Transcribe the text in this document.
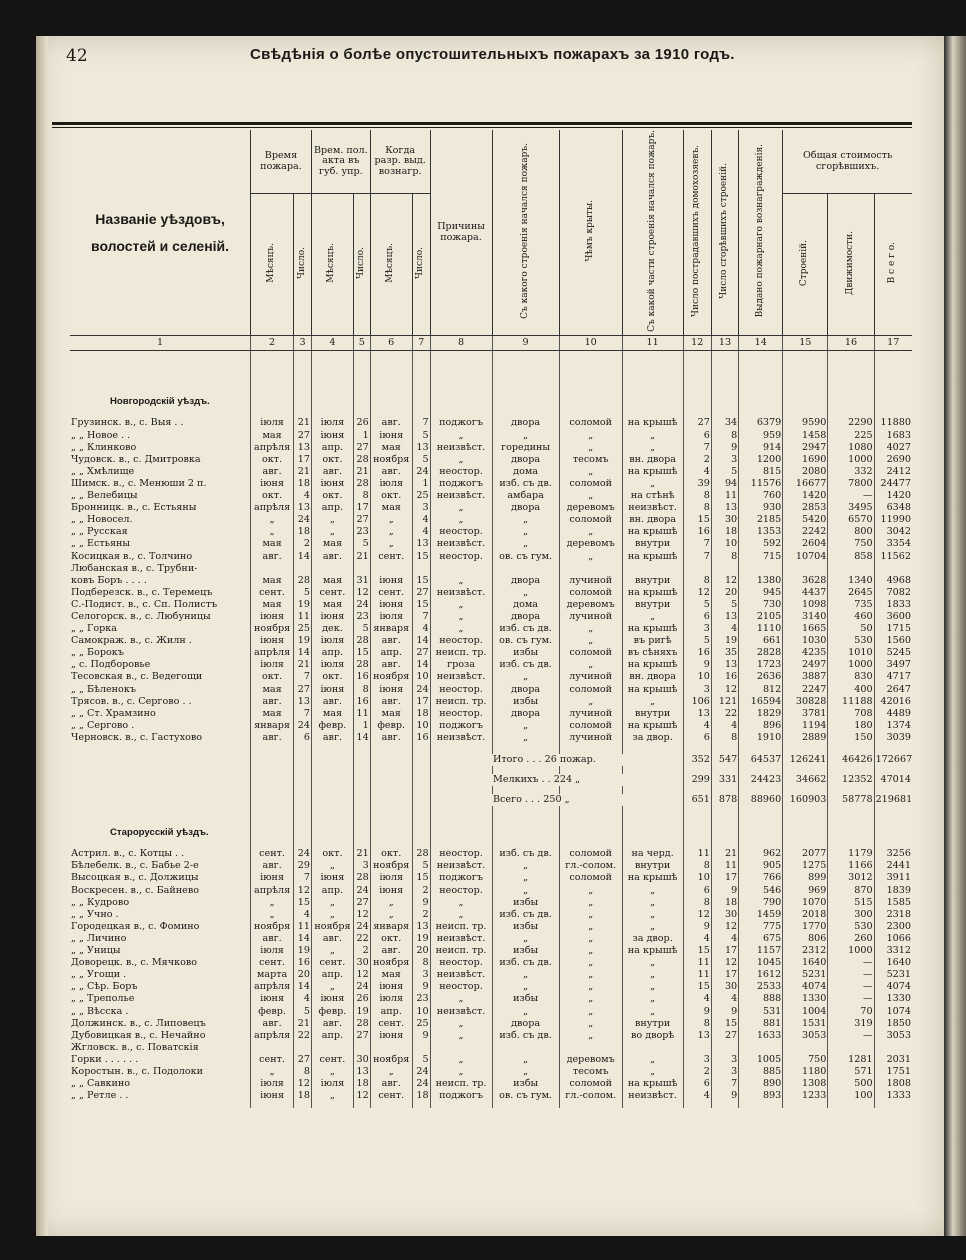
42	Свѣдѣнія о болѣе опустошительныхъ пожарахъ за 1910 годъ.
Названіе уѣздовъ,
волостей и селеній.	Время пожара.		Врем. пол. акта въ губ. упр.		Когда разр. выд. вознагр.		Причины пожара.	Съ какого строенія начался пожаръ.	Чѣмъ крыты.	Съ какой части строенія начался пожаръ.	Число пострадавшихъ домохозяевъ.	Число сгорѣвшихъ строеній.	Выдано пожарнаго вознагражденія.	Общая стоимость сгорѣвшихъ.		
	Мѣсяцъ.	Число.	Мѣсяцъ.	Число.	Мѣсяцъ.	Число.								Строеній.	Движимости.	В с е г о.
1	2	3	4	5	6	7	8	9	10	11	12	13	14	15	16	17

Новгородскій уѣздъ.																

Грузинск. в., с. Выя . .	іюля	21	іюля	26	авг.	7	поджогъ	двора	соломой	на крышѣ	27	34	6379	9590	2290	11880
„ „ Новое . .	мая	27	іюня	1	іюня	5	„	„	„	„	6	8	959	1458	225	1683
„ „ Клинково	апрѣля	13	апр.	27	мая	13	неизвѣст.	горедины	„	„	7	9	914	2947	1080	4027
Чудовск. в., с. Дмитровка	окт.	17	окт.	28	ноября	5	„	двора	тесомъ	вн. двора	2	3	1200	1690	1000	2690
„ „ Хмѣлище	авг.	21	авг.	21	авг.	24	неостор.	дома	„	на крышѣ	4	5	815	2080	332	2412
Шимск. в., с. Менюши 2 п.	іюня	18	іюня	28	іюля	1	поджогъ	изб. съ дв.	соломой	„	39	94	11576	16677	7800	24477
„ „ Велебицы	окт.	4	окт.	8	окт.	25	неизвѣст.	амбара	„	на стѣнѣ	8	11	760	1420	—	1420
Бронницк. в., с. Естьяны	апрѣля	13	апр.	17	мая	3	„	двора	деревомъ	неизвѣст.	8	13	930	2853	3495	6348
„ „ Новосел.	„	24	„	27	„	4	„	„	соломой	вн. двора	15	30	2185	5420	6570	11990
„ „ Русская	„	18	„	23	„	4	неостор.	„	„	на крышѣ	16	18	1353	2242	800	3042
„ „ Естьяны	мая	2	мая	5	„	13	неизвѣст.	„	деревомъ	внутри	7	10	592	2604	750	3354
Косицкая в., с. Толчино	авг.	14	авг.	21	сент.	15	неостор.	ов. съ гум.	„	на крышѣ	7	8	715	10704	858	11562
Любанская в., с. Трубни-																
ковъ Боръ . . . .	мая	28	мая	31	іюня	15	„	двора	лучиной	внутри	8	12	1380	3628	1340	4968
Подберезск. в., с. Теремецъ	сент.	5	сент.	12	сент.	27	неизвѣст.	„	соломой	на крышѣ	12	20	945	4437	2645	7082
С.-Подист. в., с. Сп. Полистъ	мая	19	мая	24	іюня	15	„	дома	деревомъ	внутри	5	5	730	1098	735	1833
Селогорск. в., с. Любуницы	іюня	11	іюня	23	іюля	7	„	двора	лучиной	„	6	13	2105	3140	460	3600
„ „ Горка	ноября	25	дек.	5	января	4	„	изб. съ дв.	„	на крышѣ	3	4	1110	1665	50	1715
Самокраж. в., с. Жилн .	іюня	19	іюля	28	авг.	14	неостор.	ов. съ гум.	„	въ ригѣ	5	19	661	1030	530	1560
„ „ Борокъ	апрѣля	14	апр.	15	апр.	27	неисп. тр.	избы	соломой	въ сѣняхъ	16	35	2828	4235	1010	5245
„ с. Подборовье	іюля	21	іюля	28	авг.	14	гроза	изб. съ дв.	„	на крышѣ	9	13	1723	2497	1000	3497
Тесовская в., с. Ведегощи	окт.	7	окт.	16	ноября	10	неизвѣст.	„	лучиной	вн. двора	10	16	2636	3887	830	4717
„ „ Бѣленокъ	мая	27	іюня	8	іюня	24	неостор.	двора	соломой	на крышѣ	3	12	812	2247	400	2647
Трясов. в., с. Сергово . .	авг.	13	авг.	16	авг.	17	неисп. тр.	избы	„	„	106	121	16594	30828	11188	42016
„ „ Ст. Храмзино	мая	7	мая	11	мая	18	неостор.	двора	лучиной	внутри	13	22	1829	3781	708	4489
„ „ Сергово .	января	24	февр.	1	февр.	10	поджогъ	„	соломой	на крышѣ	4	4	896	1194	180	1374
Черновск. в., с. Гастухово	авг.	6	авг.	14	авг.	16	неизвѣст.	„	лучиной	за двор.	6	8	1910	2889	150	3039

								Итого . . . 26 пожар.			352	547	64537	126241	46426	172667

								Мелкихъ . . 224 „			299	331	24423	34662	12352	47014

								Всего . . . 250 „			651	878	88960	160903	58778	219681

Старорусскій уѣздъ.																

Астрил. в., с. Котцы . .	сент.	24	окт.	21	окт.	28	неостор.	изб. съ дв.	соломой	на черд.	11	21	962	2077	1179	3256
Бѣлебелк. в., с. Бабье 2-е	авг.	29	„	3	ноября	5	неизвѣст.	„	гл.-солом.	внутри	8	11	905	1275	1166	2441
Высоцкая в., с. Должицы	іюня	7	іюня	28	іюля	15	поджогъ	„	соломой	на крышѣ	10	17	766	899	3012	3911
Воскресен. в., с. Байнево	апрѣля	12	апр.	24	іюня	2	неостор.	„	„	„	6	9	546	969	870	1839
„ „ Кудрово	„	15	„	27	„	9	„	избы	„	„	8	18	790	1070	515	1585
„ „ Учно .	„	4	„	12	„	2	„	изб. съ дв.	„	„	12	30	1459	2018	300	2318
Городецкая в., с. Фомино	ноября	11	ноября	24	января	13	неисп. тр.	избы	„	„	9	12	775	1770	530	2300
„ „ Личино	авг.	14	авг.	22	окт.	19	неизвѣст.	„	„	за двор.	4	4	675	806	260	1066
„ „ Уницы	іюля	19	„	2	авг.	20	неисп. тр.	избы	„	на крышѣ	15	17	1157	2312	1000	3312
Доворецк. в., с. Мячково	сент.	16	сент.	30	ноября	8	неостор.	изб. съ дв.	„	„	11	12	1045	1640	—	1640
„ „ Угощи .	марта	20	апр.	12	мая	3	неизвѣст.	„	„	„	11	17	1612	5231	—	5231
„ „ Сѣр. Боръ	апрѣля	14	„	24	іюня	9	неостор.	„	„	„	15	30	2533	4074	—	4074
„ „ Треполье	іюня	4	іюня	26	іюля	23	„	избы	„	„	4	4	888	1330	—	1330
„ „ Вѣсска .	февр.	5	февр.	19	апр.	10	неизвѣст.	„	„	„	9	9	531	1004	70	1074
Должинск. в., с. Липовецъ	авг.	21	авг.	28	сент.	25	„	двора	„	внутри	8	15	881	1531	319	1850
Дубовицкая в., с. Нечайно	апрѣля	22	апр.	27	іюня	9	„	изб. съ дв.	„	во дворѣ	13	27	1633	3053	—	3053
Жгловск. в., с. Поватскія																
Горки . . . . . .	сент.	27	сент.	30	ноября	5	„	„	деревомъ	„	3	3	1005	750	1281	2031
Коростын. в., с. Подолоки	„	8	„	13	„	24	„	„	тесомъ	„	2	3	885	1180	571	1751
„ „ Савкино	іюля	12	іюля	18	авг.	24	неисп. тр.	избы	соломой	на крышѣ	6	7	890	1308	500	1808
„ „ Ретле . .	іюня	18	„	12	сент.	18	поджогъ	ов. съ гум.	гл.-солом.	неизвѣст.	4	9	893	1233	100	1333
